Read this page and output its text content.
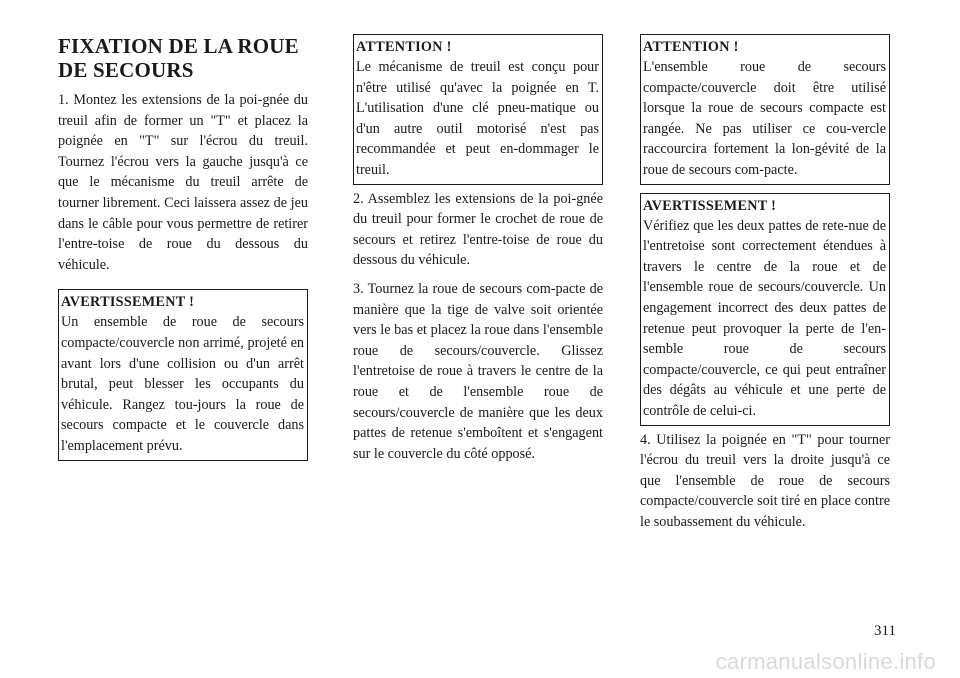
FIXATION DE LA ROUE DE SECOURS

1. Montez les extensions de la poi-gnée du treuil afin de former un "T" et placez la poignée en "T" sur l'écrou du treuil. Tournez l'écrou vers la gauche jusqu'à ce que le mécanisme du treuil arrête de tourner librement. Ceci laissera assez de jeu dans le câble pour vous permettre de retirer l'entre-toise de roue du dessous du véhicule.

AVERTISSEMENT !
Un ensemble de roue de secours compacte/couvercle non arrimé, projeté en avant lors d'une collision ou d'un arrêt brutal, peut blesser les occupants du véhicule. Rangez tou-jours la roue de secours compacte et le couvercle dans l'emplacement prévu.
ATTENTION !
Le mécanisme de treuil est conçu pour n'être utilisé qu'avec la poignée en T. L'utilisation d'une clé pneu-matique ou d'un autre outil motorisé n'est pas recommandée et peut en-dommager le treuil.

2. Assemblez les extensions de la poi-gnée du treuil pour former le crochet de roue de secours et retirez l'entre-toise de roue du dessous du véhicule.

3. Tournez la roue de secours com-pacte de manière que la tige de valve soit orientée vers le bas et placez la roue dans l'ensemble roue de secours/couvercle. Glissez l'entretoise de roue à travers le centre de la roue et de l'ensemble roue de secours/couvercle de manière que les deux pattes de retenue s'emboîtent et s'engagent sur le couvercle du côté opposé.

ATTENTION !
L'ensemble roue de secours compacte/couvercle doit être utilisé lorsque la roue de secours compacte est rangée. Ne pas utiliser ce cou-vercle raccourcira fortement la lon-gévité de la roue de secours com-pacte.
AVERTISSEMENT !
Vérifiez que les deux pattes de rete-nue de l'entretoise sont correctement étendues à travers le centre de la roue et de l'ensemble roue de secours/couvercle. Un engagement incorrect des deux pattes de retenue peut provoquer la perte de l'en-semble roue de secours compacte/couvercle, ce qui peut entraîner des dégâts au véhicule et une perte de contrôle de celui-ci.

4. Utilisez la poignée en "T" pour tourner l'écrou du treuil vers la droite jusqu'à ce que l'ensemble de roue de secours compacte/couvercle soit tiré en place contre le soubassement du véhicule.

311
carmanualsonline.info
